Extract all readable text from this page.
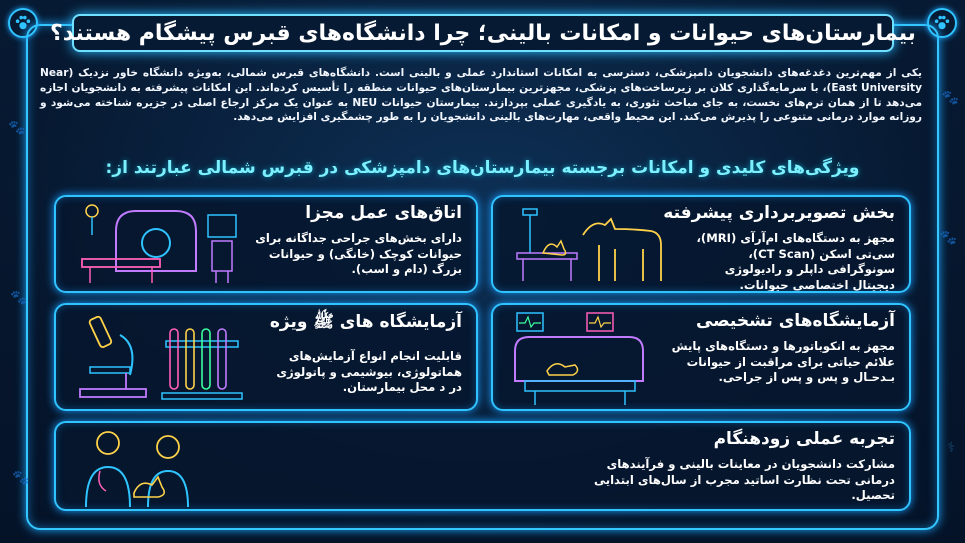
🐾
🐾
🐾
🐾
⚕
🐾
بیمارستان‌های حیوانات و امکانات بالینی؛ چرا دانشگاه‌های قبرس پیشگام هستند؟

یکی از مهم‌ترین دغدغه‌های دانشجویان دامپزشکی، دسترسی به امکانات استاندارد عملی و بالینی است. دانشگاه‌های قبرس شمالی، به‌ویژه دانشگاه خاور نزدیک (Near East University)، با سرمایه‌گذاری کلان بر زیرساخت‌های پزشکی، مجهزترین بیمارستان‌های حیوانات منطقه را تأسیس کرده‌اند. این امکانات پیشرفته به دانشجویان اجازه می‌دهد تا از همان ترم‌های نخست، به جای مباحث تئوری، به یادگیری عملی بپردازند. بیمارستان حیوانات NEU به عنوان یک مرکز ارجاع اصلی در جزیره شناخته می‌شود و روزانه موارد درمانی متنوعی را پذیرش می‌کند. این محیط واقعی، مهارت‌های بالینی دانشجویان را به طور چشمگیری افزایش می‌دهد.

ویژگی‌های کلیدی و امکانات برجسته بیمارستان‌های دامپزشکی در قبرس شمالی عبارتند از:
بخش تصویربرداری پیشرفته

مجهز به دستگاه‌های ام‌آرآی (MRI)، سی‌تی اسکن (CT Scan)، سونوگرافی داپلر و رادیولوژی دیجیتال اختصاصی حیوانات.

اتاق‌های عمل مجزا

دارای بخش‌های جراحی جداگانه برای حیوانات کوچک (خانگی) و حیوانات بزرگ (دام و اسب).

آزمایشگاه‌های تشخیصی

مجهز به انکوباتورها و دستگاه‌های پایش علائم حیاتی برای مراقبت از حیوانات بـدحـال و پس و پس از جراحی.

آزمایشگاه های ﷺ ویژه

قابلیت انجام انواع آزمایش‌های هماتولوژی، بیوشیمی و پاتولوژی در د محل بیمارستان.

تجربه عملی زودهنگام

مشارکت دانشجویان در معاینات بالینی و فرآیندهای درمانی تحت نظارت اساتید مجرب از سال‌های ابتدایی تحصیل.
